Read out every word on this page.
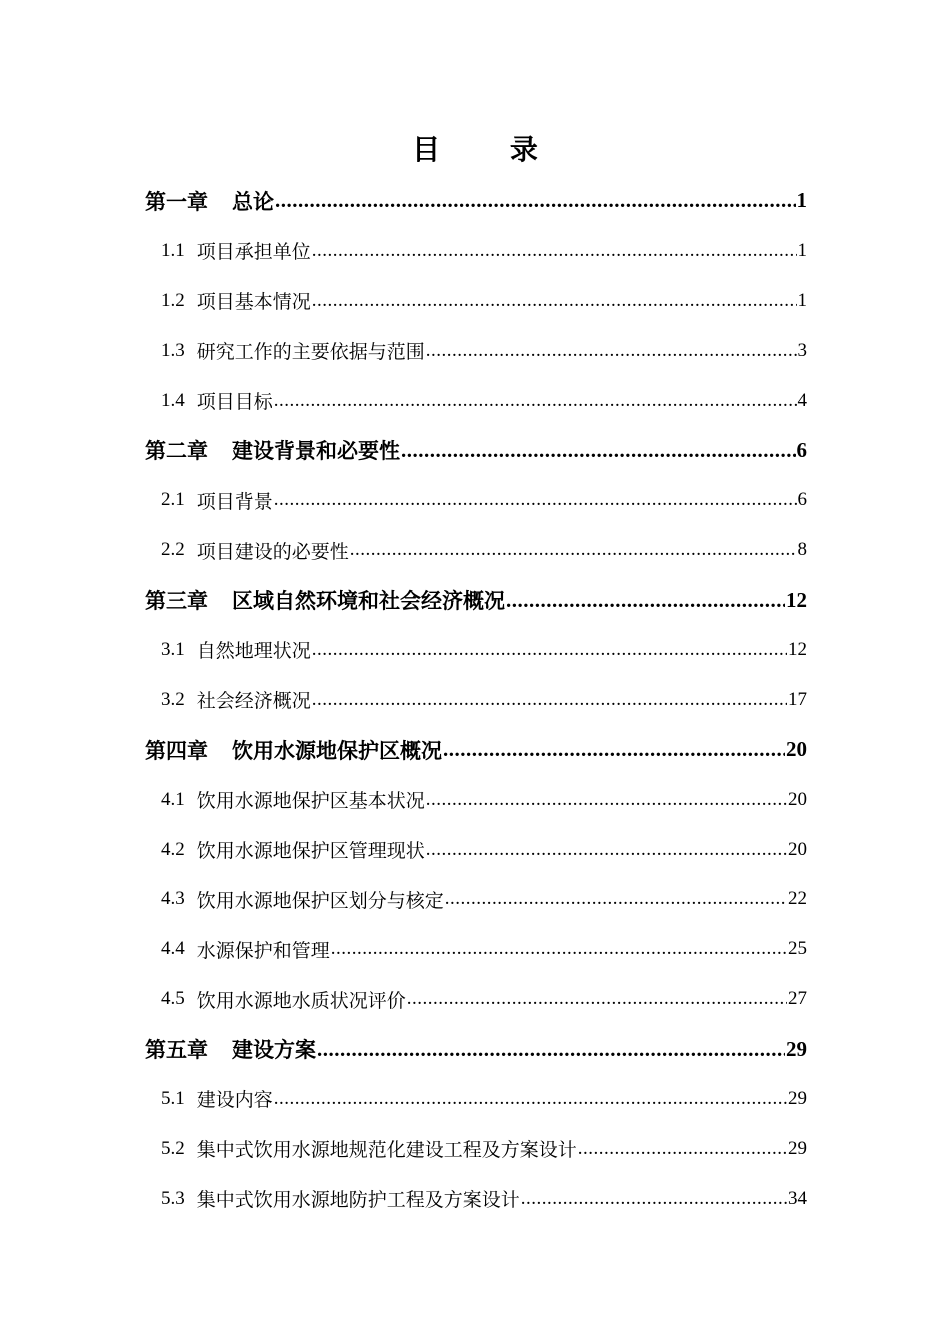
目 录
第一章 总论 .....	1
1.1 项目承担单位 .....	1
1.2 项目基本情况 .....	1
1.3 研究工作的主要依据与范围 .....	3
1.4 项目目标 .....	4
第二章 建设背景和必要性 .....	6
2.1 项目背景 .....	6
2.2 项目建设的必要性 .....	8
第三章 区域自然环境和社会经济概况 .....	12
3.1 自然地理状况 .....	12
3.2 社会经济概况 .....	17
第四章 饮用水源地保护区概况 .....	20
4.1 饮用水源地保护区基本状况 .....	20
4.2 饮用水源地保护区管理现状 .....	20
4.3 饮用水源地保护区划分与核定 .....	22
4.4 水源保护和管理 .....	25
4.5 饮用水源地水质状况评价 .....	27
第五章 建设方案 .....	29
5.1 建设内容 .....	29
5.2 集中式饮用水源地规范化建设工程及方案设计 .....	29
5.3 集中式饮用水源地防护工程及方案设计 .....	34
